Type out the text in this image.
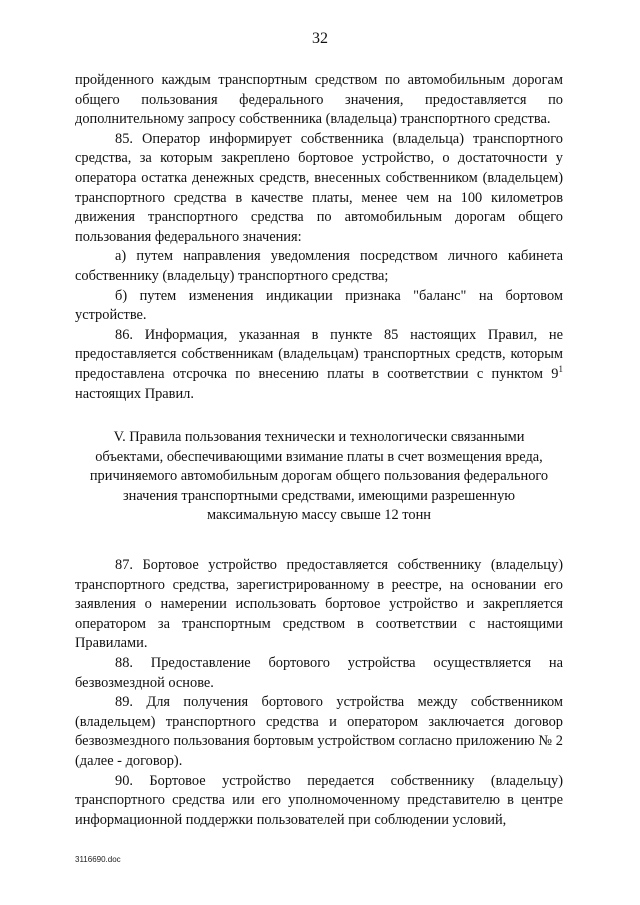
32

пройденного каждым транспортным средством по автомобильным дорогам общего пользования федерального значения, предоставляется по дополнительному запросу собственника (владельца) транспортного средства.

85. Оператор информирует собственника (владельца) транспортного средства, за которым закреплено бортовое устройство, о достаточности у оператора остатка денежных средств, внесенных собственником (владельцем) транспортного средства в качестве платы, менее чем на 100 километров движения транспортного средства по автомобильным дорогам общего пользования федерального значения:

а) путем направления уведомления посредством личного кабинета собственнику (владельцу) транспортного средства;

б) путем изменения индикации признака "баланс" на бортовом устройстве.

86. Информация, указанная в пункте 85 настоящих Правил, не предоставляется собственникам (владельцам) транспортных средств, которым предоставлена отсрочка по внесению платы в соответствии с пунктом $9^1$ настоящих Правил.

V. Правила пользования технически и технологически связанными
объектами, обеспечивающими взимание платы в счет возмещения вреда,
причиняемого автомобильным дорогам общего пользования федерального
значения транспортными средствами, имеющими разрешенную
максимальную массу свыше 12 тонн

87. Бортовое устройство предоставляется собственнику (владельцу) транспортного средства, зарегистрированному в реестре, на основании его заявления о намерении использовать бортовое устройство и закрепляется оператором за транспортным средством в соответствии с настоящими Правилами.

88. Предоставление бортового устройства осуществляется на безвозмездной основе.

89. Для получения бортового устройства между собственником (владельцем) транспортного средства и оператором заключается договор безвозмездного пользования бортовым устройством согласно приложению № 2 (далее - договор).

90. Бортовое устройство передается собственнику (владельцу) транспортного средства или его уполномоченному представителю в центре информационной поддержки пользователей при соблюдении условий,

3116690.doc
